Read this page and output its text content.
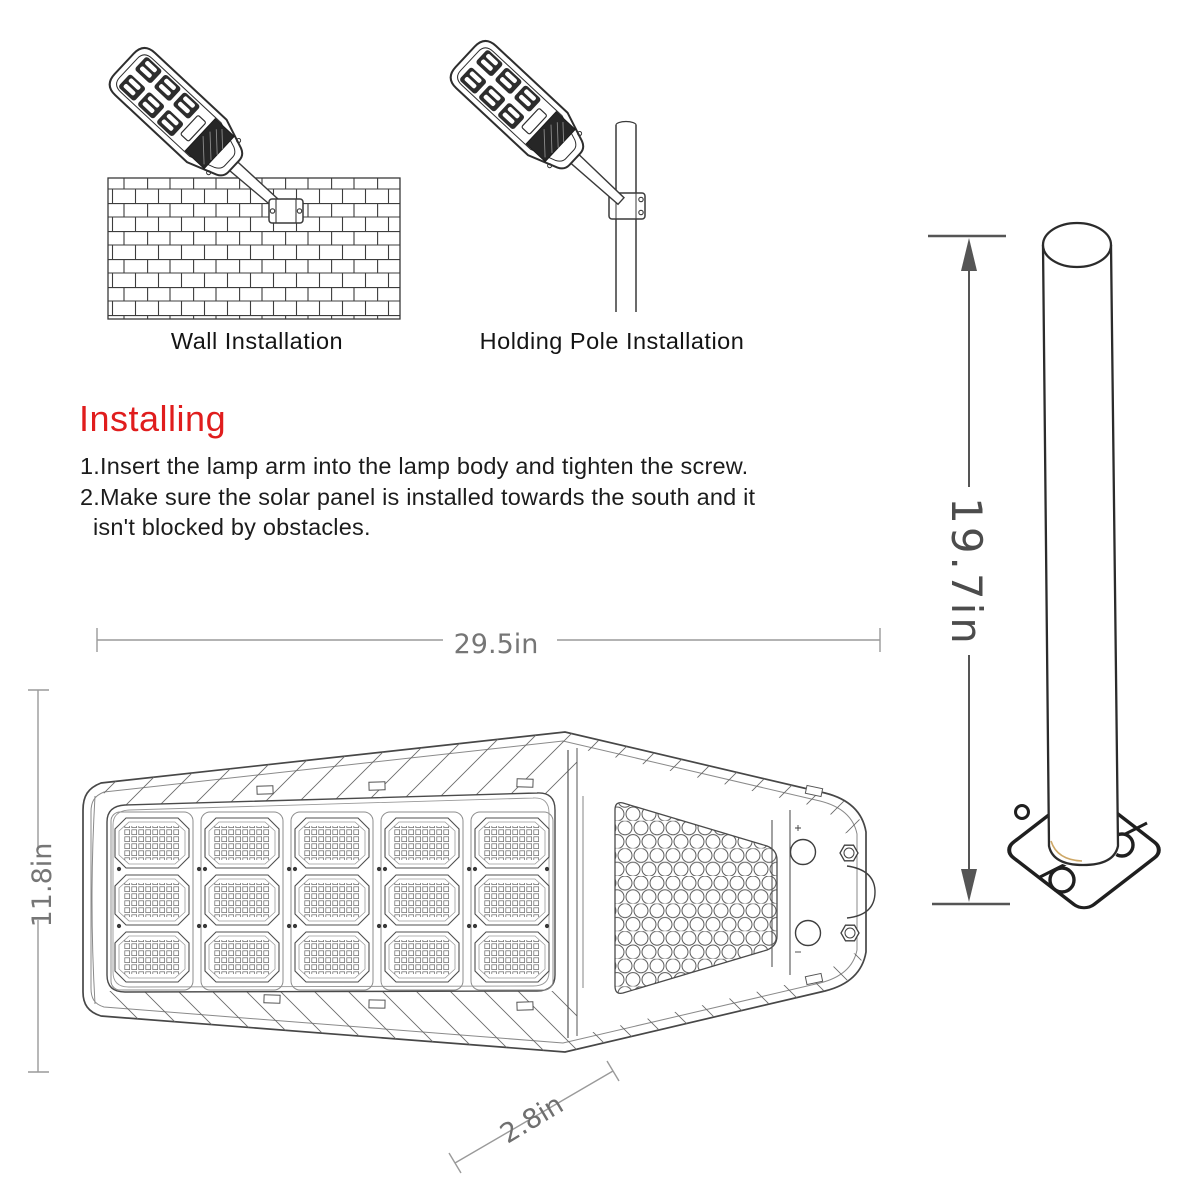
Wall Installation	Holding Pole Installation
Installing
1.Insert the lamp arm into the lamp body and tighten the screw.
2.Make sure the solar panel is installed towards the south and it
isn't blocked by obstacles.	19.7in
29.5in
11.8in
2.8in
